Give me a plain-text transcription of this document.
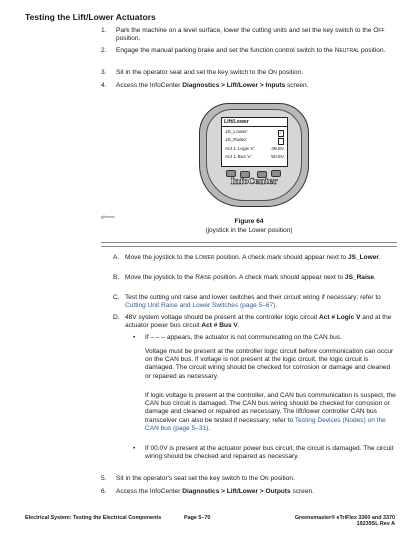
Testing the Lift/Lower Actuators
1. Park the machine on a level surface, lower the cutting units and set the key switch to the Off position.
2. Engage the manual parking brake and set the function control switch to the Neutral position.
3. Sit in the operator seat and set the key switch to the On position.
4. Access the InfoCenter Diagnostics > Lift/Lower > Inputs screen.
Lift/Lower
JS_Lower:	✓
JS_Raise:
Act 1 Logic V:	49.8V
Act 1 Bus V:	50.5V
InfoCenter
g0nnnnn
Figure 64
(joystick in the Lower position)
A. Move the joystick to the Lower position. A check mark should appear next to JS_Lower.
B. Move the joystick to the Raise position. A check mark should appear next to JS_Raise.
C. Test the cutting unit raise and lower switches and their circuit wiring if necessary; refer to Cutting Unit Raise and Lower Switches (page 5–67).
D. 48V system voltage should be present at the controller logic circuit Act # Logic V and at the actuator power bus circuit Act # Bus V.
• If – – – appears, the actuator is not communicating on the CAN bus.
Voltage must be present at the controller logic circuit before communication can occur on the CAN bus. If voltage is not present at the logic circuit, the logic circuit is damaged. The circuit wiring should be checked for corrosion or damage and cleaned or repaired as necessary.
If logic voltage is present at the controller, and CAN bus communication is suspect, the CAN bus circuit is damaged. The CAN bus wiring should be checked for corrosion or damage and cleaned or repaired as necessary. The lift/lower controller CAN bus transceiver can also be tested if necessary; refer to Testing Devices (Nodes) on the CAN bus (page 5–31).
• If 00.0V is present at the actuator power bus circuit, the circuit is damaged. The circuit wiring should be checked and repaired as necessary.
5. Sit in the operator's seat set the key switch to the On position.
6. Access the InfoCenter Diagnostics > Lift/Lower > Outputs screen.
Electrical System: Testing the Electrical Components	Page 5–70	Greensmaster® eTriFlex 3360 and 3370
19239SL Rev A
